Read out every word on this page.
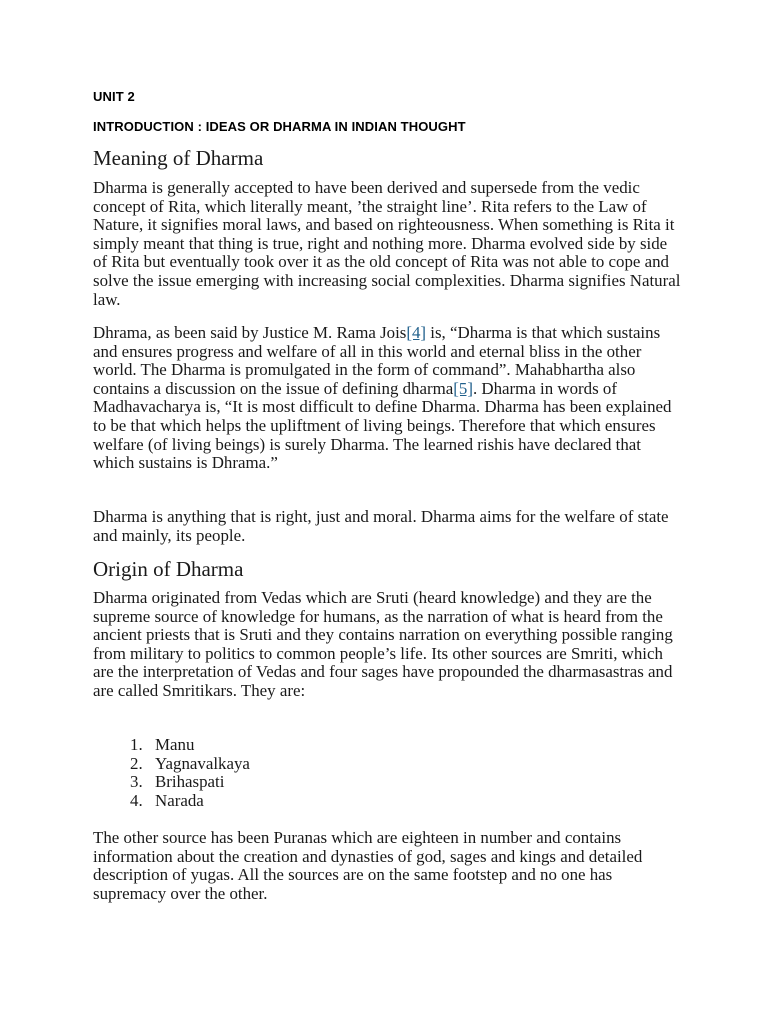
UNIT 2

INTRODUCTION : IDEAS OR DHARMA IN INDIAN THOUGHT

Meaning of Dharma

Dharma is generally accepted to have been derived and supersede from the vedic concept of Rita, which literally meant, ’the straight line’. Rita refers to the Law of Nature, it signifies moral laws, and based on righteousness. When something is Rita it simply meant that thing is true, right and nothing more. Dharma evolved side by side of Rita but eventually took over it as the old concept of Rita was not able to cope and solve the issue emerging with increasing social complexities. Dharma signifies Natural law.

Dhrama, as been said by Justice M. Rama Jois[4] is, “Dharma is that which sustains and ensures progress and welfare of all in this world and eternal bliss in the other world. The Dharma is promulgated in the form of command”. Mahabhartha also contains a discussion on the issue of defining dharma[5]. Dharma in words of Madhavacharya is, “It is most difficult to define Dharma. Dharma has been explained to be that which helps the upliftment of living beings. Therefore that which ensures welfare (of living beings) is surely Dharma. The learned rishis have declared that which sustains is Dhrama.”

Dharma is anything that is right, just and moral. Dharma aims for the welfare of state and mainly, its people.

Origin of Dharma

Dharma originated from Vedas which are Sruti (heard knowledge) and they are the supreme source of knowledge for humans, as the narration of what is heard from the ancient priests that is Sruti and they contains narration on everything possible ranging from military to politics to common people’s life. Its other sources are Smriti, which are the interpretation of Vedas and four sages have propounded the dharmasastras and are called Smritikars. They are:

1. Manu
2. Yagnavalkaya
3. Brihaspati
4. Narada

The other source has been Puranas which are eighteen in number and contains information about the creation and dynasties of god, sages and kings and detailed description of yugas. All the sources are on the same footstep and no one has supremacy over the other.
